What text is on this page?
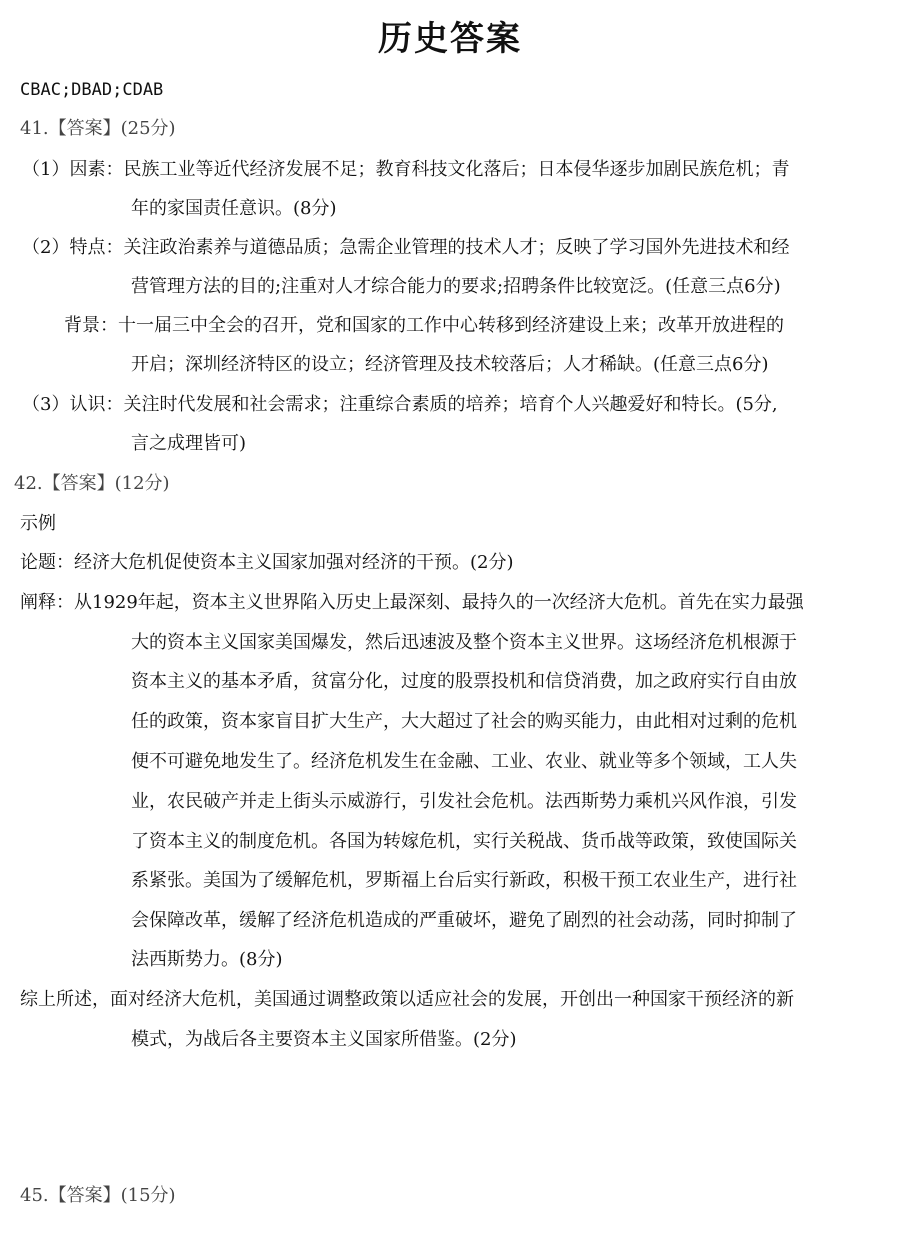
历史答案
CBAC;DBAD;CDAB
41.【答案】(25分)
（1）因素：民族工业等近代经济发展不足；教育科技文化落后；日本侵华逐步加剧民族危机；青
年的家国责任意识。(8分)
（2）特点：关注政治素养与道德品质；急需企业管理的技术人才；反映了学习国外先进技术和经
营管理方法的目的;注重对人才综合能力的要求;招聘条件比较宽泛。(任意三点6分)
背景：十一届三中全会的召开，党和国家的工作中心转移到经济建设上来；改革开放进程的
开启；深圳经济特区的设立；经济管理及技术较落后；人才稀缺。(任意三点6分)
（3）认识：关注时代发展和社会需求；注重综合素质的培养；培育个人兴趣爱好和特长。(5分,
言之成理皆可)
42.【答案】(12分)
示例
论题：经济大危机促使资本主义国家加强对经济的干预。(2分)
阐释：从1929年起，资本主义世界陷入历史上最深刻、最持久的一次经济大危机。首先在实力最强
大的资本主义国家美国爆发，然后迅速波及整个资本主义世界。这场经济危机根源于
资本主义的基本矛盾，贫富分化，过度的股票投机和信贷消费，加之政府实行自由放
任的政策，资本家盲目扩大生产，大大超过了社会的购买能力，由此相对过剩的危机
便不可避免地发生了。经济危机发生在金融、工业、农业、就业等多个领域，工人失
业，农民破产并走上街头示威游行，引发社会危机。法西斯势力乘机兴风作浪，引发
了资本主义的制度危机。各国为转嫁危机，实行关税战、货币战等政策，致使国际关
系紧张。美国为了缓解危机，罗斯福上台后实行新政，积极干预工农业生产，进行社
会保障改革，缓解了经济危机造成的严重破坏，避免了剧烈的社会动荡，同时抑制了
法西斯势力。(8分)
综上所述，面对经济大危机，美国通过调整政策以适应社会的发展，开创出一种国家干预经济的新
模式，为战后各主要资本主义国家所借鉴。(2分)
45.【答案】(15分)
